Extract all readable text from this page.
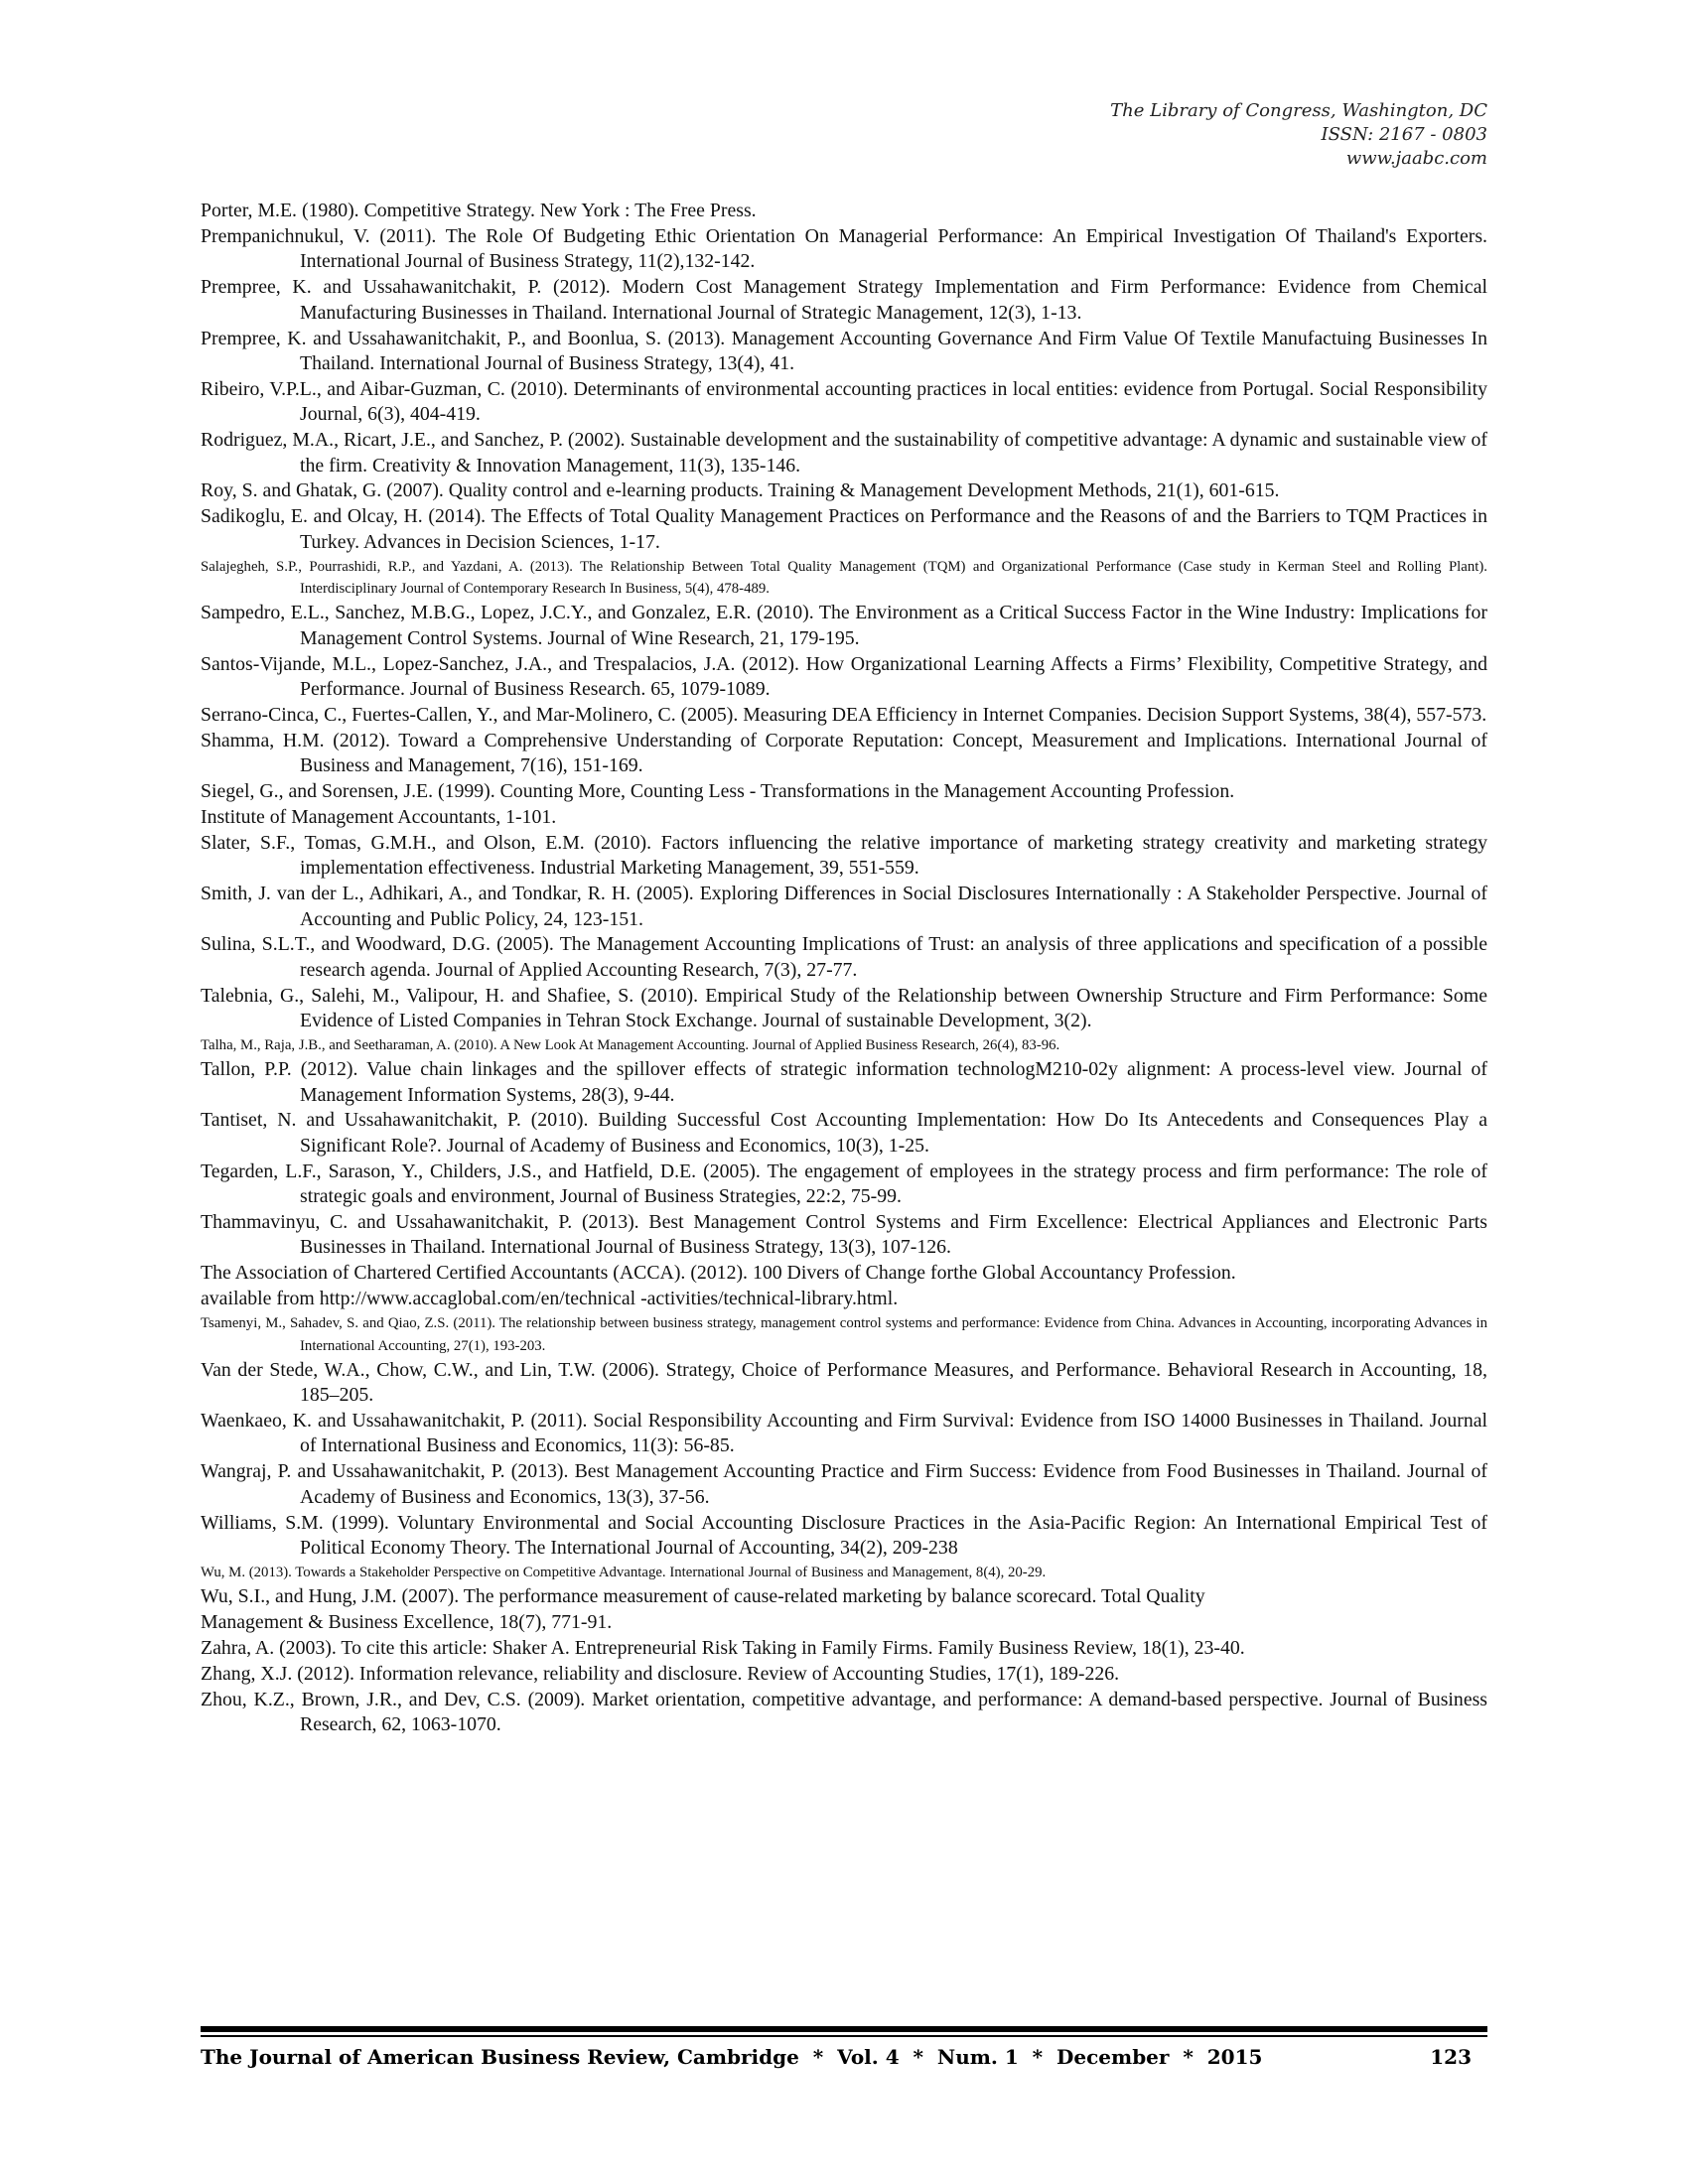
The Library of Congress, Washington, DC
ISSN: 2167 - 0803
www.jaabc.com
Porter, M.E. (1980). Competitive Strategy. New York : The Free Press.
Prempanichnukul, V. (2011). The Role Of Budgeting Ethic Orientation On Managerial Performance: An Empirical Investigation Of Thailand's Exporters. International Journal of Business Strategy, 11(2),132-142.
Prempree, K. and Ussahawanitchakit, P. (2012). Modern Cost Management Strategy Implementation and Firm Performance: Evidence from Chemical Manufacturing Businesses in Thailand. International Journal of Strategic Management, 12(3), 1-13.
Prempree, K. and Ussahawanitchakit, P., and Boonlua, S. (2013). Management Accounting Governance And Firm Value Of Textile Manufactuing Businesses In Thailand. International Journal of Business Strategy, 13(4), 41.
Ribeiro, V.P.L., and Aibar-Guzman, C. (2010). Determinants of environmental accounting practices in local entities: evidence from Portugal. Social Responsibility Journal, 6(3), 404-419.
Rodriguez, M.A., Ricart, J.E., and Sanchez, P. (2002). Sustainable development and the sustainability of competitive advantage: A dynamic and sustainable view of the firm. Creativity & Innovation Management, 11(3), 135-146.
Roy, S. and Ghatak, G. (2007). Quality control and e-learning products. Training & Management Development Methods, 21(1), 601-615.
Sadikoglu, E. and Olcay, H. (2014). The Effects of Total Quality Management Practices on Performance and the Reasons of and the Barriers to TQM Practices in Turkey. Advances in Decision Sciences, 1-17.
Salajegheh, S.P., Pourrashidi, R.P., and Yazdani, A. (2013). The Relationship Between Total Quality Management (TQM) and Organizational Performance (Case study in Kerman Steel and Rolling Plant). Interdisciplinary Journal of Contemporary Research In Business, 5(4), 478-489.
Sampedro, E.L., Sanchez, M.B.G., Lopez, J.C.Y., and Gonzalez, E.R. (2010). The Environment as a Critical Success Factor in the Wine Industry: Implications for Management Control Systems. Journal of Wine Research, 21, 179-195.
Santos-Vijande, M.L., Lopez-Sanchez, J.A., and Trespalacios, J.A. (2012). How Organizational Learning Affects a Firms’ Flexibility, Competitive Strategy, and Performance. Journal of Business Research. 65, 1079-1089.
Serrano-Cinca, C., Fuertes-Callen, Y., and Mar-Molinero, C. (2005). Measuring DEA Efficiency in Internet Companies. Decision Support Systems, 38(4), 557-573.
Shamma, H.M. (2012). Toward a Comprehensive Understanding of Corporate Reputation: Concept, Measurement and Implications. International Journal of Business and Management, 7(16), 151-169.
Siegel, G., and Sorensen, J.E. (1999). Counting More, Counting Less - Transformations in the Management Accounting Profession.
Institute of Management Accountants, 1-101.
Slater, S.F., Tomas, G.M.H., and Olson, E.M. (2010). Factors influencing the relative importance of marketing strategy creativity and marketing strategy implementation effectiveness. Industrial Marketing Management, 39, 551-559.
Smith, J. van der L., Adhikari, A., and Tondkar, R. H. (2005). Exploring Differences in Social Disclosures Internationally : A Stakeholder Perspective. Journal of Accounting and Public Policy, 24, 123-151.
Sulina, S.L.T., and Woodward, D.G. (2005). The Management Accounting Implications of Trust: an analysis of three applications and specification of a possible research agenda. Journal of Applied Accounting Research, 7(3), 27-77.
Talebnia, G., Salehi, M., Valipour, H. and Shafiee, S. (2010). Empirical Study of the Relationship between Ownership Structure and Firm Performance: Some Evidence of Listed Companies in Tehran Stock Exchange. Journal of sustainable Development, 3(2).
Talha, M., Raja, J.B., and Seetharaman, A. (2010). A New Look At Management Accounting. Journal of Applied Business Research, 26(4), 83-96.
Tallon, P.P. (2012). Value chain linkages and the spillover effects of strategic information technologM210-02y alignment: A process-level view. Journal of Management Information Systems, 28(3), 9-44.
Tantiset, N. and Ussahawanitchakit, P. (2010). Building Successful Cost Accounting Implementation: How Do Its Antecedents and Consequences Play a Significant Role?. Journal of Academy of Business and Economics, 10(3), 1-25.
Tegarden, L.F., Sarason, Y., Childers, J.S., and Hatfield, D.E. (2005). The engagement of employees in the strategy process and firm performance: The role of strategic goals and environment, Journal of Business Strategies, 22:2, 75-99.
Thammavinyu, C. and Ussahawanitchakit, P. (2013). Best Management Control Systems and Firm Excellence: Electrical Appliances and Electronic Parts Businesses in Thailand. International Journal of Business Strategy, 13(3), 107-126.
The Association of Chartered Certified Accountants (ACCA). (2012). 100 Divers of Change forthe Global Accountancy Profession.
available from http://www.accaglobal.com/en/technical -activities/technical-library.html.
Tsamenyi, M., Sahadev, S. and Qiao, Z.S. (2011). The relationship between business strategy, management control systems and performance: Evidence from China. Advances in Accounting, incorporating Advances in International Accounting, 27(1), 193-203.
Van der Stede, W.A., Chow, C.W., and Lin, T.W. (2006). Strategy, Choice of Performance Measures, and Performance. Behavioral Research in Accounting, 18, 185–205.
Waenkaeo, K. and Ussahawanitchakit, P. (2011). Social Responsibility Accounting and Firm Survival: Evidence from ISO 14000 Businesses in Thailand. Journal of International Business and Economics, 11(3): 56-85.
Wangraj, P. and Ussahawanitchakit, P. (2013). Best Management Accounting Practice and Firm Success: Evidence from Food Businesses in Thailand. Journal of Academy of Business and Economics, 13(3), 37-56.
Williams, S.M. (1999). Voluntary Environmental and Social Accounting Disclosure Practices in the Asia-Pacific Region: An International Empirical Test of Political Economy Theory. The International Journal of Accounting, 34(2), 209-238
Wu, M. (2013). Towards a Stakeholder Perspective on Competitive Advantage. International Journal of Business and Management, 8(4), 20-29.
Wu, S.I., and Hung, J.M. (2007). The performance measurement of cause-related marketing by balance scorecard. Total Quality
Management & Business Excellence, 18(7), 771-91.
Zahra, A. (2003). To cite this article: Shaker A. Entrepreneurial Risk Taking in Family Firms. Family Business Review, 18(1), 23-40.
Zhang, X.J. (2012). Information relevance, reliability and disclosure. Review of Accounting Studies, 17(1), 189-226.
Zhou, K.Z., Brown, J.R., and Dev, C.S. (2009). Market orientation, competitive advantage, and performance: A demand-based perspective. Journal of Business Research, 62, 1063-1070.
The Journal of American Business Review, Cambridge  *  Vol. 4  *  Num. 1  *  December  *  2015	123
